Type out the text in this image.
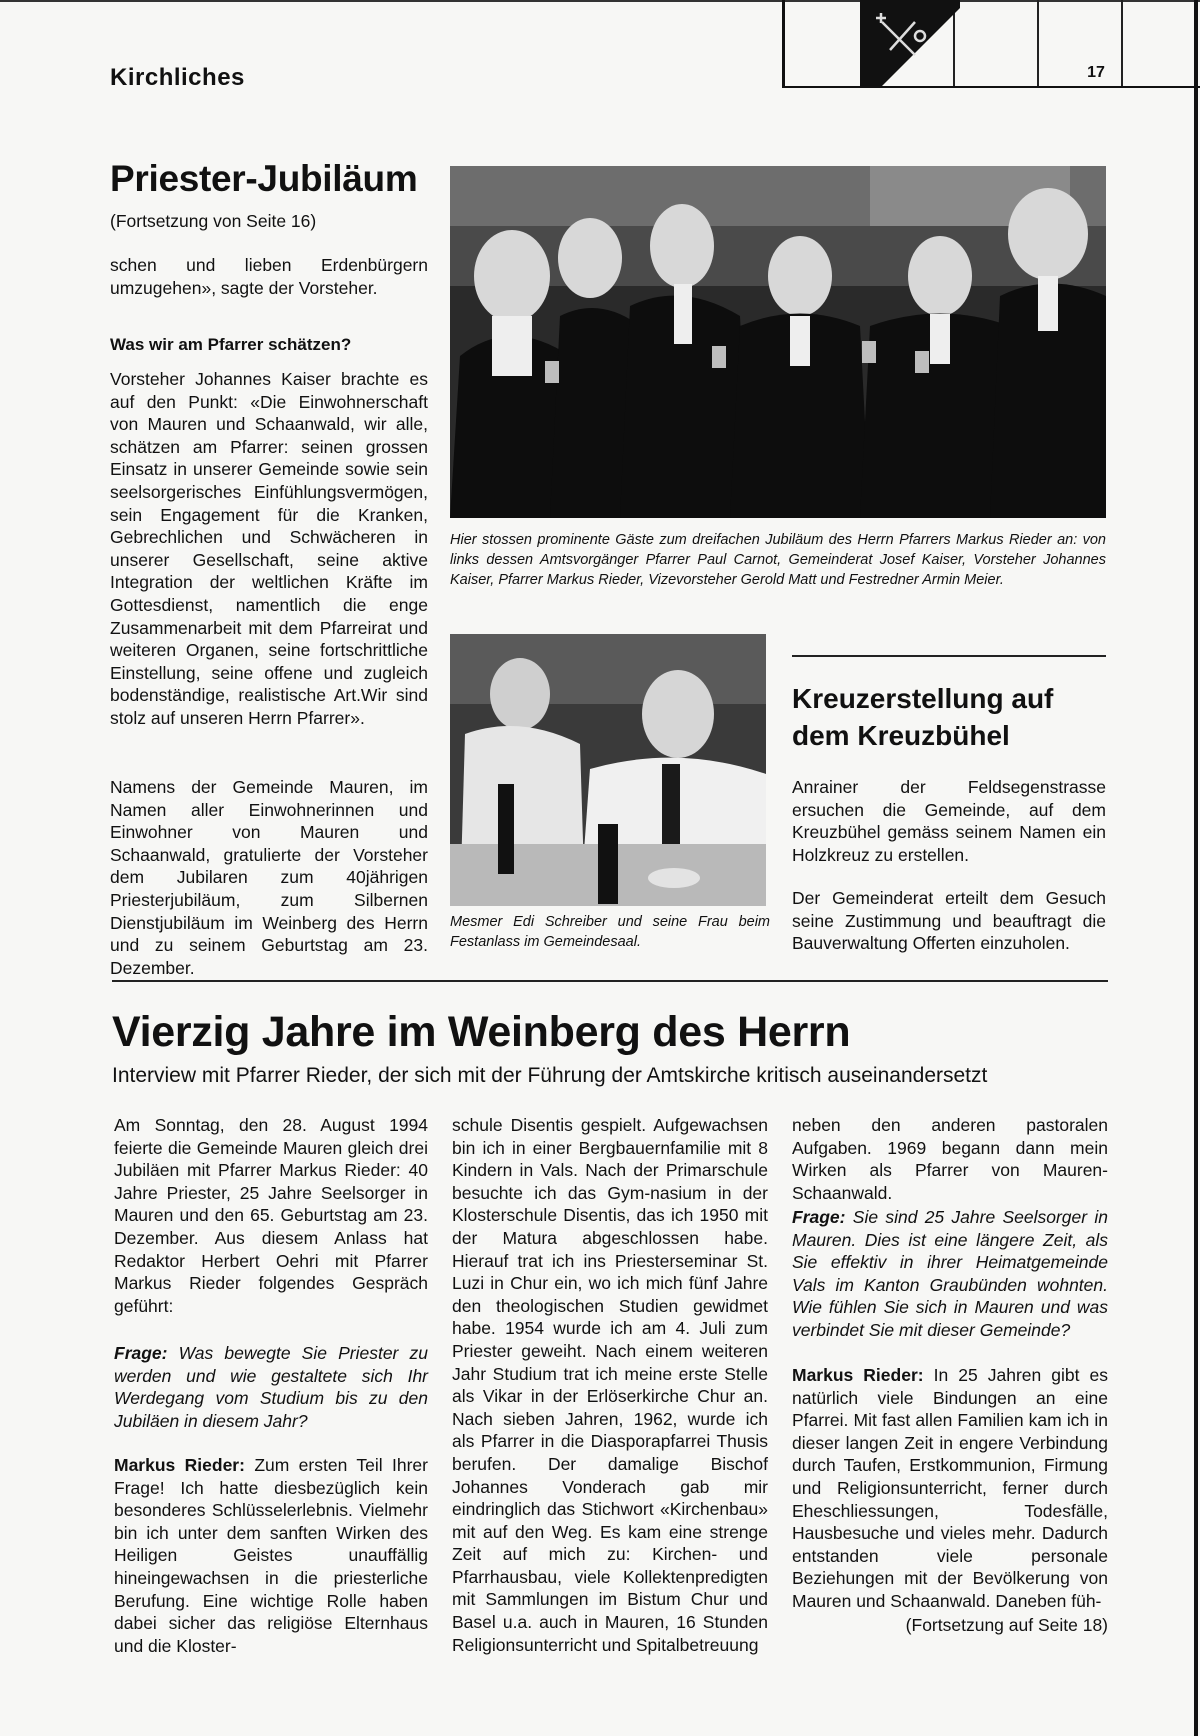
Kirchliches	17
Priester-Jubiläum
(Fortsetzung von Seite 16)

schen und lieben Erdenbürgern umzugehen», sagte der Vorsteher.

Was wir am Pfarrer schätzen?

Vorsteher Johannes Kaiser brachte es auf den Punkt: «Die Einwohnerschaft von Mauren und Schaanwald, wir alle, schätzen am Pfarrer: seinen grossen Einsatz in unserer Gemeinde sowie sein seelsorgerisches Einfühlungsvermögen, sein Engagement für die Kranken, Gebrechlichen und Schwächeren in unserer Gesellschaft, seine aktive Integration der weltlichen Kräfte im Gottesdienst, namentlich die enge Zusammenarbeit mit dem Pfarreirat und weiteren Organen, seine fortschrittliche Einstellung, seine offene und zugleich bodenständige, realistische Art.Wir sind stolz auf unseren Herrn Pfarrer».

Namens der Gemeinde Mauren, im Namen aller Einwohnerinnen und Einwohner von Mauren und Schaanwald, gratulierte der Vorsteher dem Jubilaren zum 40jährigen Priesterjubiläum, zum Silbernen Dienstjubiläum im Weinberg des Herrn und zu seinem Geburtstag am 23. Dezember.

Hier stossen prominente Gäste zum dreifachen Jubiläum des Herrn Pfarrers Markus Rieder an: von links dessen Amtsvorgänger Pfarrer Paul Carnot, Gemeinderat Josef Kaiser, Vorsteher Johannes Kaiser, Pfarrer Markus Rieder, Vizevorsteher Gerold Matt und Festredner Armin Meier.

Mesmer Edi Schreiber und seine Frau beim Festanlass im Gemeindesaal.

Kreuzerstellung auf
dem Kreuzbühel

Anrainer der Feldsegenstrasse ersuchen die Gemeinde, auf dem Kreuzbühel gemäss seinem Namen ein Holzkreuz zu erstellen.

Der Gemeinderat erteilt dem Gesuch seine Zustimmung und beauftragt die Bauverwaltung Offerten einzuholen.

Vierzig Jahre im Weinberg des Herrn
Interview mit Pfarrer Rieder, der sich mit der Führung der Amtskirche kritisch auseinandersetzt

Am Sonntag, den 28. August 1994 feierte die Gemeinde Mauren gleich drei Jubiläen mit Pfarrer Markus Rieder: 40 Jahre Priester, 25 Jahre Seelsorger in Mauren und den 65. Geburtstag am 23. Dezember. Aus diesem Anlass hat Redaktor Herbert Oehri mit Pfarrer Markus Rieder folgendes Gespräch geführt:

Frage: Was bewegte Sie Priester zu werden und wie gestaltete sich Ihr Werdegang vom Studium bis zu den Jubiläen in diesem Jahr?

Markus Rieder: Zum ersten Teil Ihrer Frage! Ich hatte diesbezüglich kein besonderes Schlüsselerlebnis. Vielmehr bin ich unter dem sanften Wirken des Heiligen Geistes unauffällig hineingewachsen in die priesterliche Berufung. Eine wichtige Rolle haben dabei sicher das religiöse Elternhaus und die Kloster-

schule Disentis gespielt. Aufgewachsen bin ich in einer Bergbauernfamilie mit 8 Kindern in Vals. Nach der Primarschule besuchte ich das Gym-nasium in der Klosterschule Disentis, das ich 1950 mit der Matura abgeschlossen habe. Hierauf trat ich ins Priesterseminar St. Luzi in Chur ein, wo ich mich fünf Jahre den theologischen Studien gewidmet habe. 1954 wurde ich am 4. Juli zum Priester geweiht. Nach einem weiteren Jahr Studium trat ich meine erste Stelle als Vikar in der Erlöserkirche Chur an. Nach sieben Jahren, 1962, wurde ich als Pfarrer in die Diasporapfarrei Thusis berufen. Der damalige Bischof Johannes Vonderach gab mir eindringlich das Stichwort «Kirchenbau» mit auf den Weg. Es kam eine strenge Zeit auf mich zu: Kirchen- und Pfarrhausbau, viele Kollektenpredigten mit Sammlungen im Bistum Chur und Basel u.a. auch in Mauren, 16 Stunden Religionsunterricht und Spitalbetreuung

neben den anderen pastoralen Aufgaben. 1969 begann dann mein Wirken als Pfarrer von Mauren-Schaanwald.

Frage: Sie sind 25 Jahre Seelsorger in Mauren. Dies ist eine längere Zeit, als Sie effektiv in ihrer Heimatgemeinde Vals im Kanton Graubünden wohnten. Wie fühlen Sie sich in Mauren und was verbindet Sie mit dieser Gemeinde?

Markus Rieder: In 25 Jahren gibt es natürlich viele Bindungen an eine Pfarrei. Mit fast allen Familien kam ich in dieser langen Zeit in engere Verbindung durch Taufen, Erstkommunion, Firmung und Religionsunterricht, ferner durch Eheschliessungen, Todesfälle, Hausbesuche und vieles mehr. Dadurch entstanden viele personale Beziehungen mit der Bevölkerung von Mauren und Schaanwald. Daneben füh-

(Fortsetzung auf Seite 18)
